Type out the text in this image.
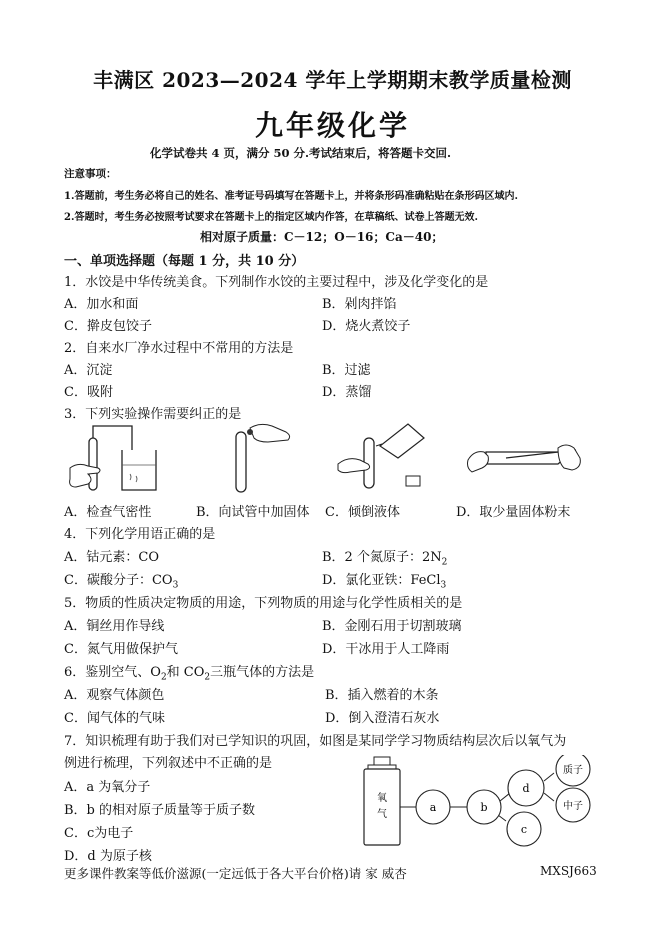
丰满区 2023—2024 学年上学期期末教学质量检测
九年级化学
化学试卷共 4 页，满分 50 分.考试结束后，将答题卡交回.
注意事项：
1.答题前，考生务必将自己的姓名、准考证号码填写在答题卡上，并将条形码准确粘贴在条形码区域内.
2.答题时，考生务必按照考试要求在答题卡上的指定区域内作答，在草稿纸、试卷上答题无效.
相对原子质量：C－12；O－16；Ca－40；
一、单项选择题（每题 1 分，共 10 分）
1．水饺是中华传统美食。下列制作水饺的主要过程中，涉及化学变化的是
A．加水和面	B．剁肉拌馅
C．擀皮包饺子	D．烧火煮饺子
2．自来水厂净水过程中不常用的方法是
A．沉淀	B．过滤
C．吸附	D．蒸馏
3．下列实验操作需要纠正的是
A．检查气密性	B．向试管中加固体 C．倾倒液体	D．取少量固体粉末
4．下列化学用语正确的是
A．钴元素：CO	B．2 个氮原子：$2N_2$
C．碳酸分子：$CO_3$	D．氯化亚铁：FeCl$_3$
5．物质的性质决定物质的用途，下列物质的用途与化学性质相关的是
A．铜丝用作导线	B．金刚石用于切割玻璃
C．氮气用做保护气	D．干冰用于人工降雨
6．鉴别空气、$O_2$和 $CO_2$三瓶气体的方法是
A．观察气体颜色	B．插入燃着的木条
C．闻气体的气味	D．倒入澄清石灰水
7．知识梳理有助于我们对已学知识的巩固，如图是某同学学习物质结构层次后以氧气为
例进行梳理，下列叙述中不正确的是
A．a 为氧分子
B．b 的相对原子质量等于质子数
C．c为电子
D．d 为原子核
氧
气
a	b
d
c
质子
中子
更多课件教案等低价滋源(一定远低于各大平台价格)请 家 威杏	MXSJ663
